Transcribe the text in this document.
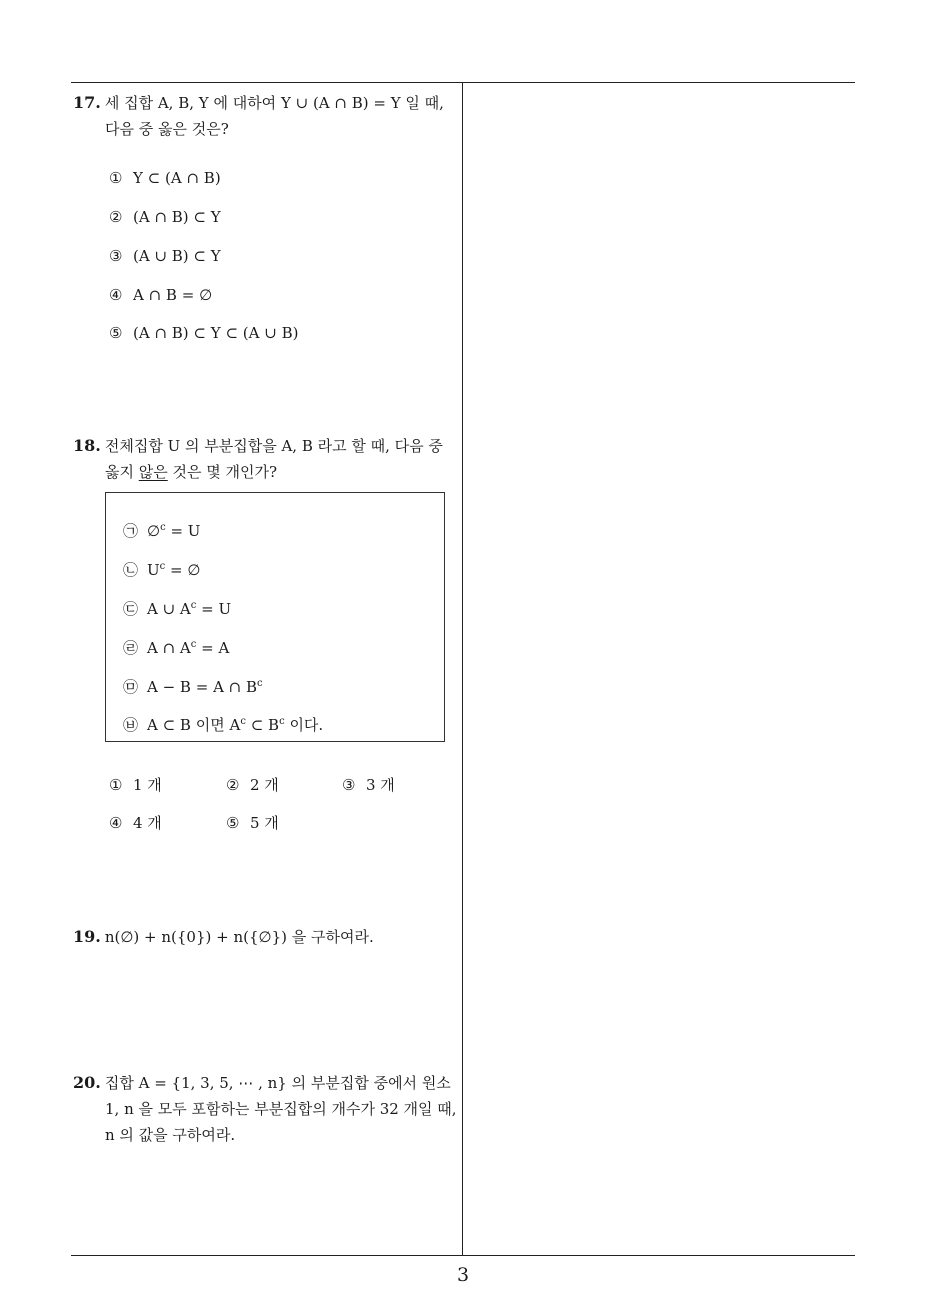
17. 세 집합 A, B, Y 에 대하여 Y ∪ (A ∩ B) = Y 일 때,
다음 중 옳은 것은?
① Y ⊂ (A ∩ B)
② (A ∩ B) ⊂ Y
③ (A ∪ B) ⊂ Y
④ A ∩ B = ∅
⑤ (A ∩ B) ⊂ Y ⊂ (A ∪ B)
18. 전체집합 U 의 부분집합을 A, B 라고 할 때, 다음 중
옳지 않은 것은 몇 개인가?
㉠ ∅$^c$ = U
㉡ $U^c$ = ∅
㉢ A ∪ $A^c = U$
㉣ A ∩ $A^c = A$
㉤ A − B = A ∩ $B^c$
㉥ A ⊂ B 이면 $A^c$ ⊂ $B^c$ 이다.
① 1 개	② 2 개	③ 3 개
④ 4 개	⑤ 5 개
19. n(∅) + n({0}) + n({∅}) 을 구하여라.
20. 집합 A = {1, 3, 5, ⋯ , n} 의 부분집합 중에서 원소
1, n 을 모두 포함하는 부분집합의 개수가 32 개일 때,
n 의 값을 구하여라.
3
